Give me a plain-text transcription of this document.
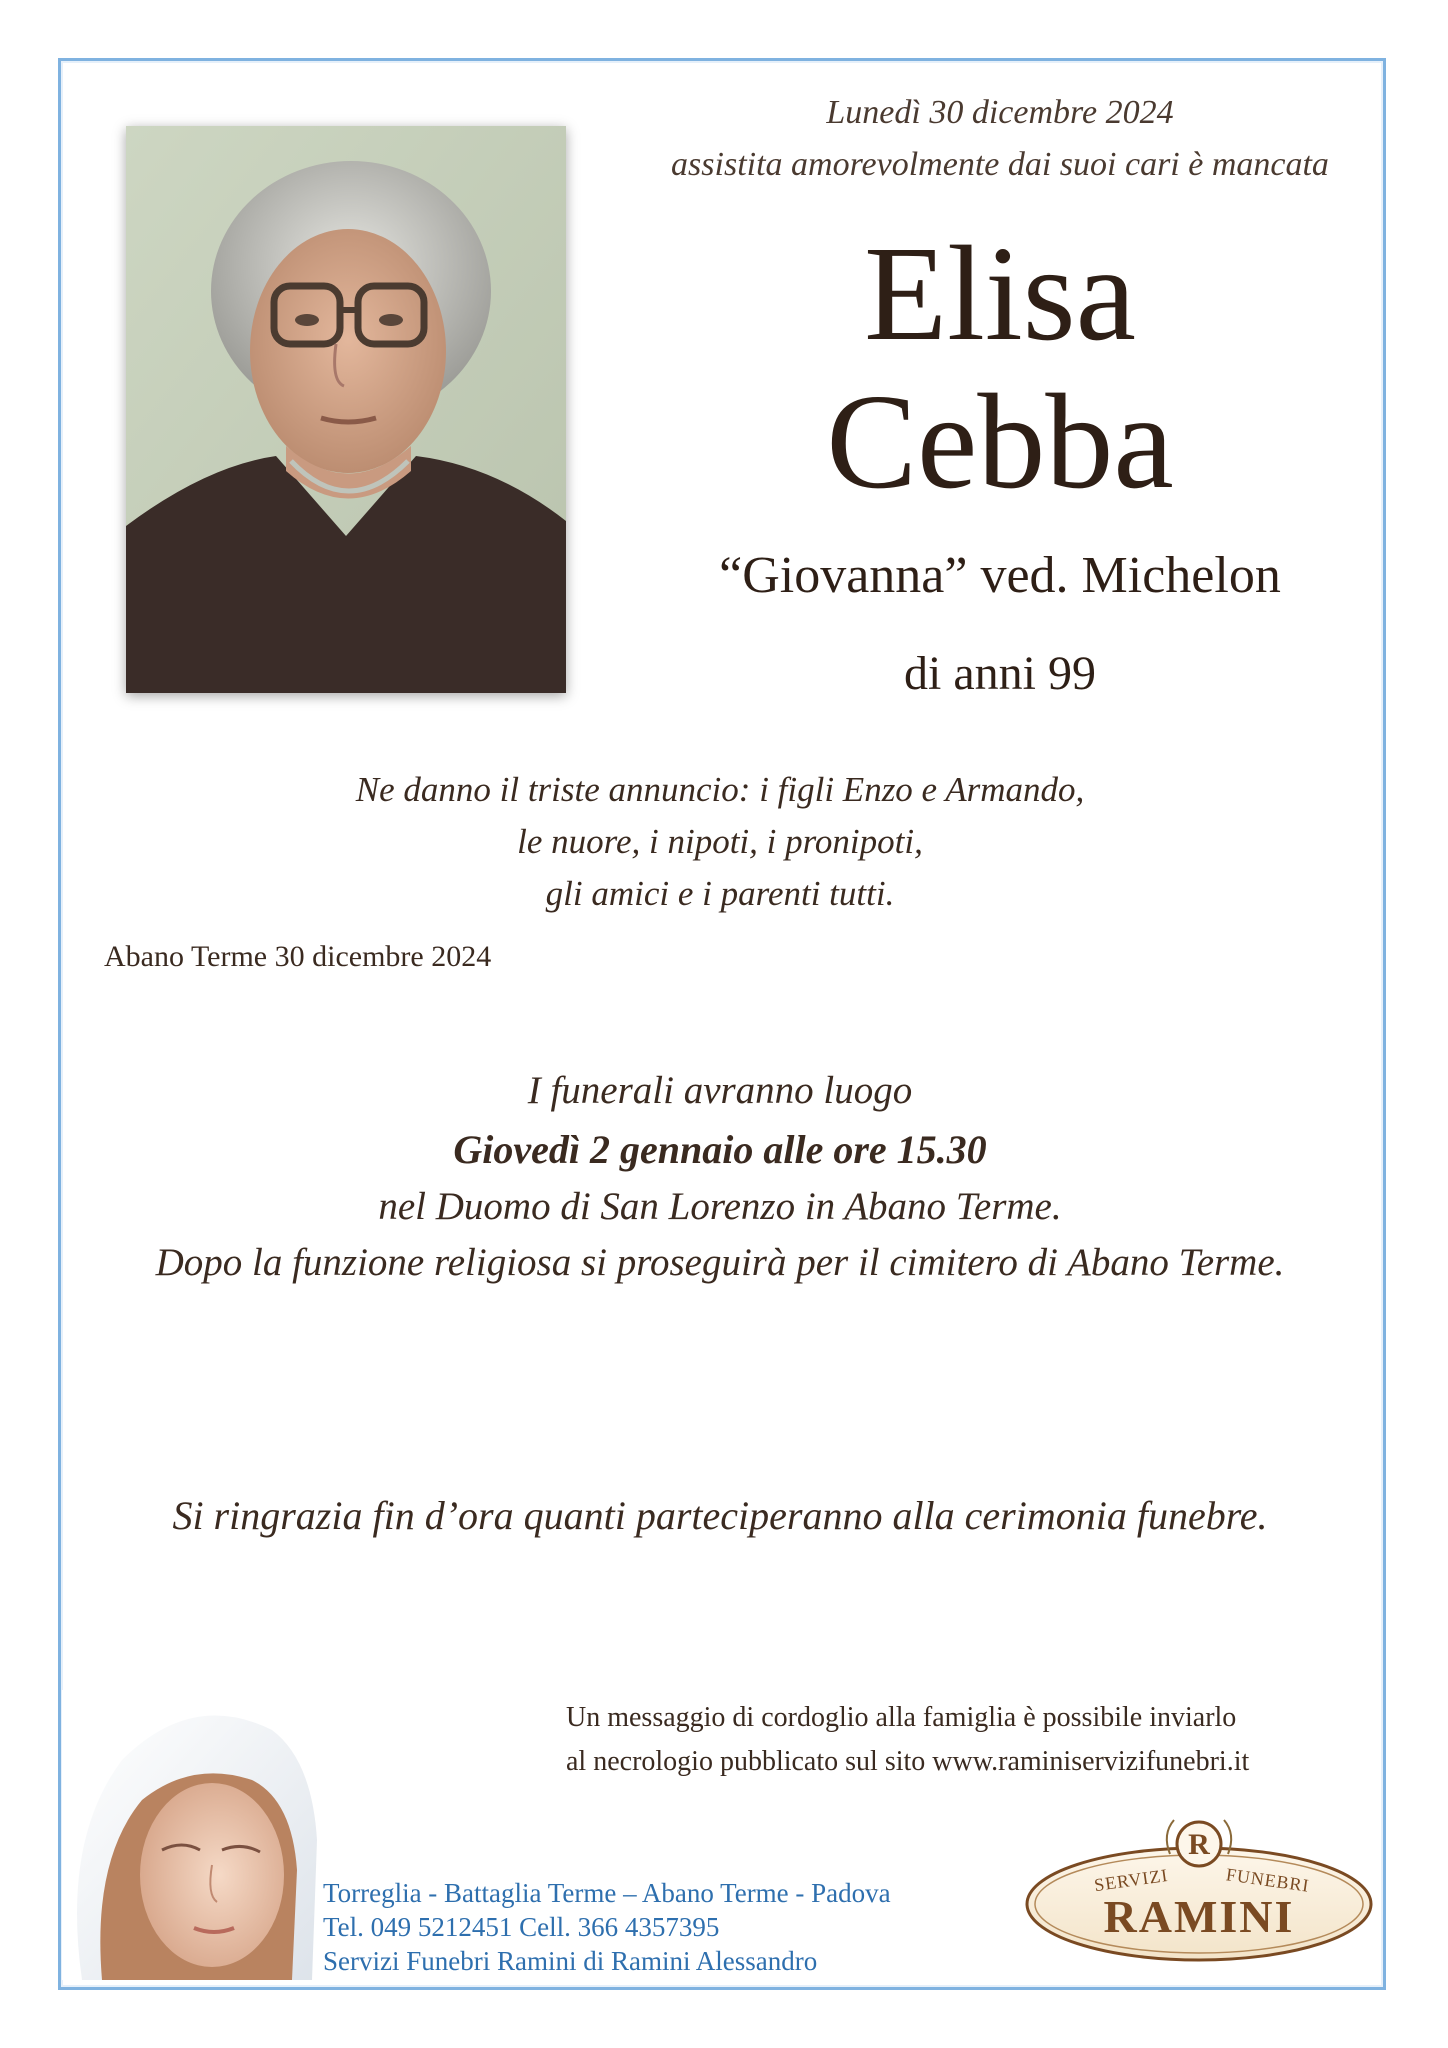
Lunedì 30 dicembre 2024
assistita amorevolmente dai suoi cari è mancata
Elisa
Cebba
“Giovanna” ved. Michelon
di anni 99
Ne danno il triste annuncio: i figli Enzo e Armando,
le nuore, i nipoti, i pronipoti,
gli amici e i parenti tutti.
Abano Terme 30 dicembre 2024
I funerali avranno luogo
Giovedì 2 gennaio alle ore 15.30
nel Duomo di San Lorenzo in Abano Terme.
Dopo la funzione religiosa si proseguirà per il cimitero di Abano Terme.
Si ringrazia fin d’ora quanti parteciperanno alla cerimonia funebre.
Un messaggio di cordoglio alla famiglia è possibile inviarlo
al necrologio pubblicato sul sito www.raminiservizifunebri.it
Torreglia - Battaglia Terme – Abano Terme - Padova
Tel. 049 5212451 Cell. 366 4357395
Servizi Funebri Ramini di Ramini Alessandro
R
SERVIZI	FUNEBRI
RAMINI
